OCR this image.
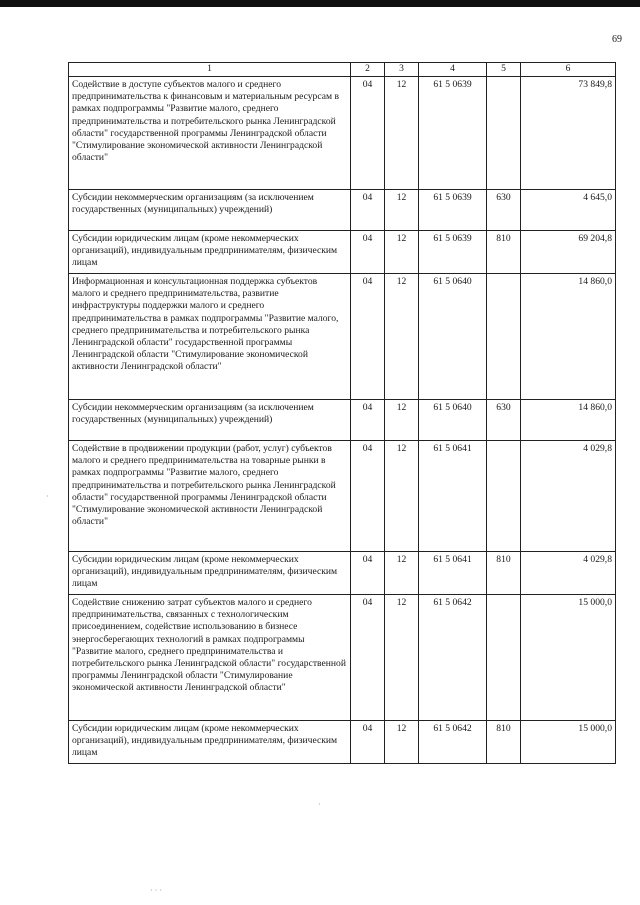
69
1	2	3	4	5	6
Содействие в доступе субъектов малого и среднего предпринимательства к финансовым и материальным ресурсам в рамках подпрограммы "Развитие малого, среднего предпринимательства и потребительского рынка Ленинградской области" государственной программы Ленинградской области "Стимулирование экономической активности Ленинградской области"	04	12	61 5 0639		73 849,8
Субсидии некоммерческим организациям (за исключением государственных (муниципальных) учреждений)	04	12	61 5 0639	630	4 645,0
Субсидии юридическим лицам (кроме некоммерческих организаций), индивидуальным предпринимателям, физическим лицам	04	12	61 5 0639	810	69 204,8
Информационная и консультационная поддержка субъектов малого и среднего предпринимательства, развитие инфраструктуры поддержки малого и среднего предпринимательства в рамках подпрограммы "Развитие малого, среднего предпринимательства и потребительского рынка Ленинградской области" государственной программы Ленинградской области "Стимулирование экономической активности Ленинградской области"	04	12	61 5 0640		14 860,0
Субсидии некоммерческим организациям (за исключением государственных (муниципальных) учреждений)	04	12	61 5 0640	630	14 860,0
Содействие в продвижении продукции (работ, услуг) субъектов малого и среднего предпринимательства на товарные рынки в рамках подпрограммы "Развитие малого, среднего предпринимательства и потребительского рынка Ленинградской области" государственной программы Ленинградской области "Стимулирование экономической активности Ленинградской области"	04	12	61 5 0641		4 029,8
Субсидии юридическим лицам (кроме некоммерческих организаций), индивидуальным предпринимателям, физическим лицам	04	12	61 5 0641	810	4 029,8
Содействие снижению затрат субъектов малого и среднего предпринимательства, связанных с технологическим присоединением, содействие использованию в бизнесе энергосберегающих технологий в рамках подпрограммы "Развитие малого, среднего предпринимательства и потребительского рынка Ленинградской области" государственной программы Ленинградской области "Стимулирование экономической активности Ленинградской области"	04	12	61 5 0642		15 000,0
Субсидии юридическим лицам (кроме некоммерческих организаций), индивидуальным предпринимателям, физическим лицам	04	12	61 5 0642	810	15 000,0
·
·
· · ·
